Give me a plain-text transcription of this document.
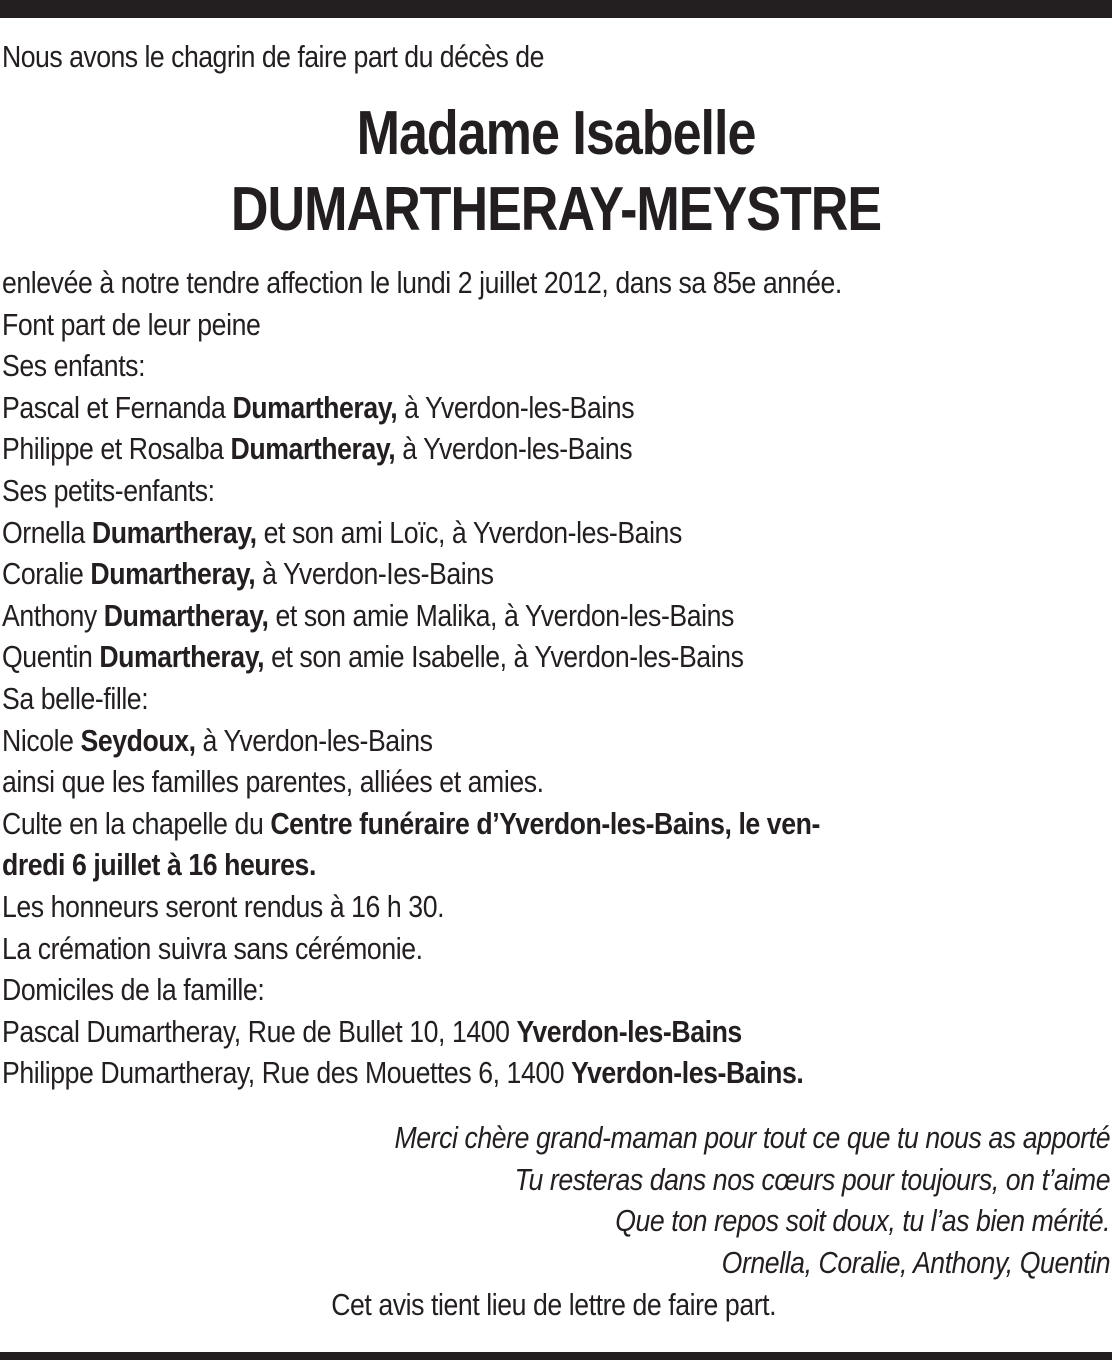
Nous avons le chagrin de faire part du décès de
Madame Isabelle
DUMARTHERAY-MEYSTRE
enlevée à notre tendre affection le lundi 2 juillet 2012, dans sa 85e année.
Font part de leur peine
Ses enfants:
Pascal et Fernanda Dumartheray, à Yverdon-les-Bains
Philippe et Rosalba Dumartheray, à Yverdon-les-Bains
Ses petits-enfants:
Ornella Dumartheray, et son ami Loïc, à Yverdon-les-Bains
Coralie Dumartheray, à Yverdon-Ies-Bains
Anthony Dumartheray, et son amie Malika, à Yverdon-les-Bains
Quentin Dumartheray, et son amie Isabelle, à Yverdon-les-Bains
Sa belle-fille:
Nicole Seydoux, à Yverdon-les-Bains
ainsi que les familles parentes, alliées et amies.
Culte en la chapelle du Centre funéraire d’Yverdon-les-Bains, le ven-
dredi 6 juillet à 16 heures.
Les honneurs seront rendus à 16 h 30.
La crémation suivra sans cérémonie.
Domiciles de la famille:
Pascal Dumartheray, Rue de Bullet 10, 1400 Yverdon-les-Bains
Philippe Dumartheray, Rue des Mouettes 6, 1400 Yverdon-les-Bains.
Merci chère grand-maman pour tout ce que tu nous as apporté
Tu resteras dans nos cœurs pour toujours, on t’aime
Que ton repos soit doux, tu l’as bien mérité.
Ornella, Coralie, Anthony, Quentin
Cet avis tient lieu de lettre de faire part.
